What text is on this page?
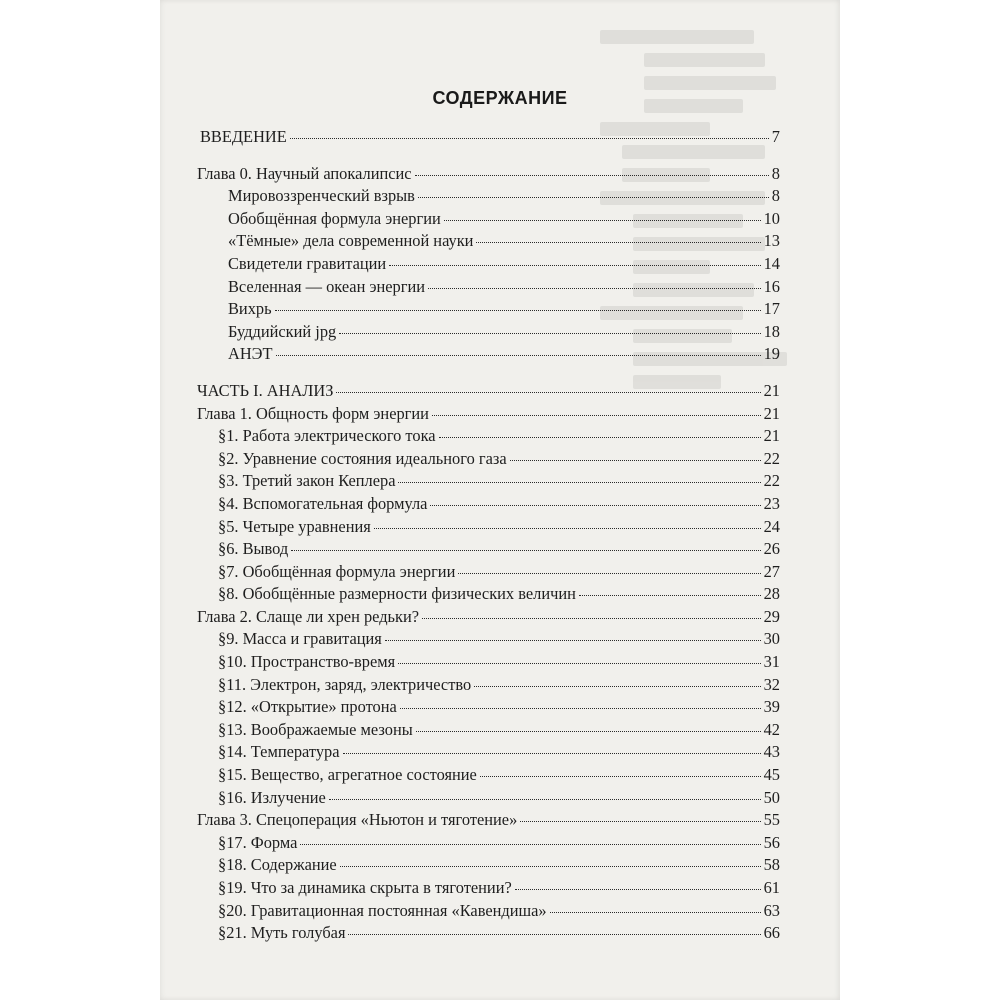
СОДЕРЖАНИЕ
ВВЕДЕНИЕ	7
Глава 0. Научный апокалипсис	8
Мировоззренческий взрыв	8
Обобщённая формула энергии	10
«Тёмные» дела современной науки	13
Свидетели гравитации	14
Вселенная — океан энергии	16
Вихрь	17
Буддийский jpg	18
АНЭТ	19
ЧАСТЬ I. АНАЛИЗ	21
Глава 1. Общность форм энергии	21
§1. Работа электрического тока	21
§2. Уравнение состояния идеального газа	22
§3. Третий закон Кеплера	22
§4. Вспомогательная формула	23
§5. Четыре уравнения	24
§6. Вывод	26
§7. Обобщённая формула энергии	27
§8. Обобщённые размерности физических величин	28
Глава 2. Слаще ли хрен редьки?	29
§9. Масса и гравитация	30
§10. Пространство-время	31
§11. Электрон, заряд, электричество	32
§12. «Открытие» протона	39
§13. Воображаемые мезоны	42
§14. Температура	43
§15. Вещество, агрегатное состояние	45
§16. Излучение	50
Глава 3. Спецоперация «Ньютон и тяготение»	55
§17. Форма	56
§18. Содержание	58
§19. Что за динамика скрыта в тяготении?	61
§20. Гравитационная постоянная «Кавендиша»	63
§21. Муть голубая	66
